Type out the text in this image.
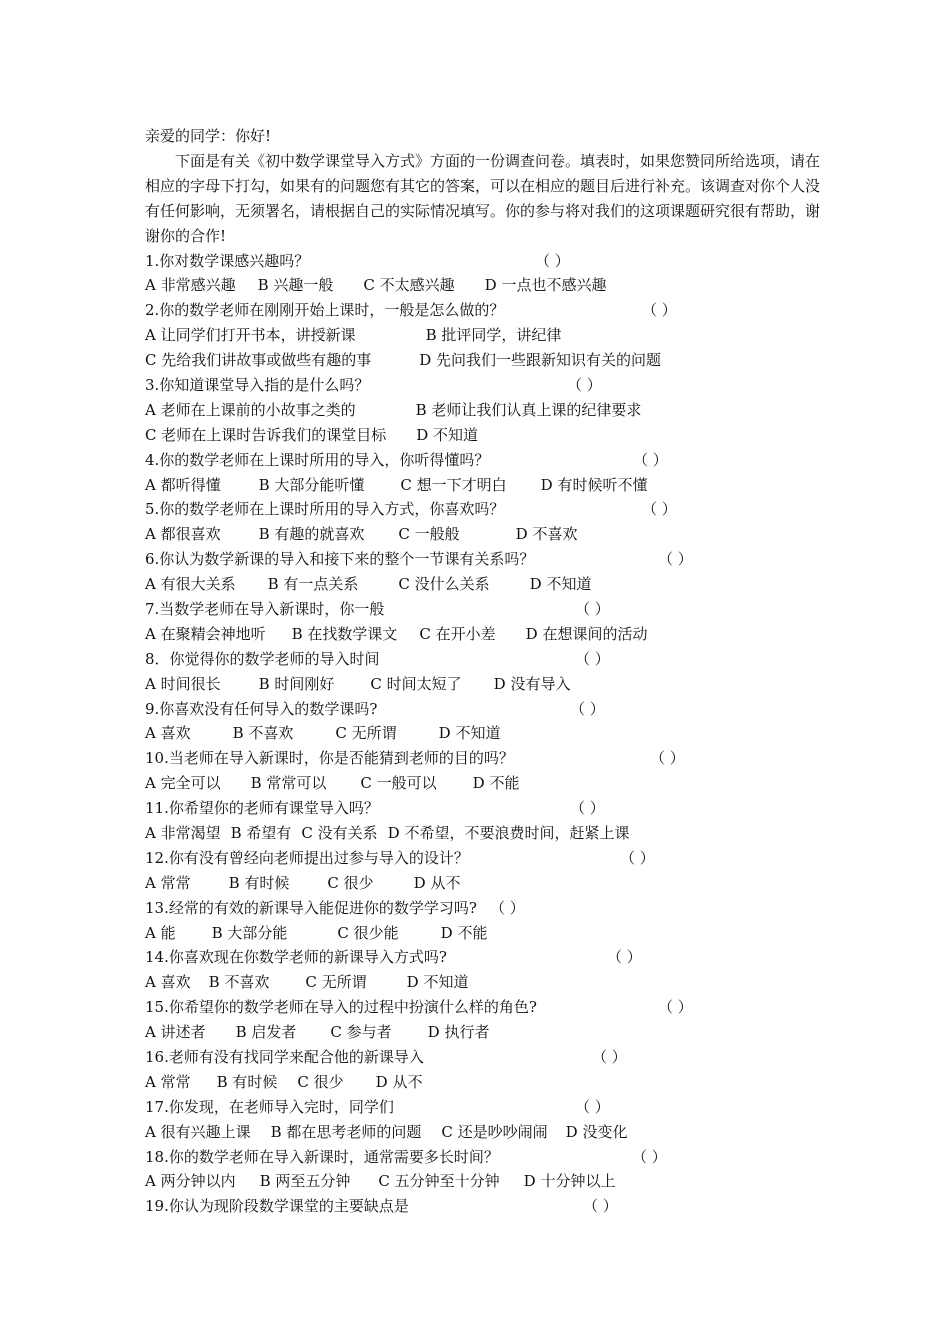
亲爱的同学：你好!
下面是有关《初中数学课堂导入方式》方面的一份调查问卷。填表时，如果您赞同所给选项，请在相应的字母下打勾，如果有的问题您有其它的答案，可以在相应的题目后进行补充。该调查对你个人没有任何影响，无须署名，请根据自己的实际情况填写。你的参与将对我们的这项课题研究很有帮助，谢谢你的合作!
1.你对数学课感兴趣吗？	（ ）
A 非常感兴趣 B 兴趣一般 C 不太感兴趣 D 一点也不感兴趣
2.你的数学老师在刚刚开始上课时，一般是怎么做的？	（ ）
A 让同学们打开书本，讲授新课	B 批评同学，讲纪律
C 先给我们讲故事或做些有趣的事	D 先问我们一些跟新知识有关的问题
3.你知道课堂导入指的是什么吗？	（ ）
A 老师在上课前的小故事之类的	B 老师让我们认真上课的纪律要求
C 老师在上课时告诉我们的课堂目标 D 不知道
4.你的数学老师在上课时所用的导入，你听得懂吗？	（ ）
A 都听得懂	B 大部分能听懂 C 想一下才明白 D 有时候听不懂
5.你的数学老师在上课时所用的导入方式，你喜欢吗？	（ ）
A 都很喜欢	B 有趣的就喜欢 C 一般般	D 不喜欢
6.你认为数学新课的导入和接下来的整个一节课有关系吗？	（ ）
A 有很大关系 B 有一点关系	C 没什么关系	D 不知道
7.当数学老师在导入新课时，你一般	（ ）
A 在聚精会神地听 B 在找数学课文 C 在开小差 D 在想课间的活动
8．你觉得你的数学老师的导入时间	（ ）
A 时间很长	B 时间刚好 C 时间太短了 D 没有导入
9.你喜欢没有任何导入的数学课吗?	（ ）
A 喜欢	B 不喜欢	C 无所谓	D 不知道
10.当老师在导入新课时，你是否能猜到老师的目的吗？	（ ）
A 完全可以 B 常常可以 C 一般可以 D 不能
11.你希望你的老师有课堂导入吗？	（ ）
A 非常渴望 B 希望有 C 没有关系 D 不希望，不要浪费时间，赶紧上课
12.你有没有曾经向老师提出过参与导入的设计？	（ ）
A 常常	B 有时候	C 很少	D 从不
13.经常的有效的新课导入能促进你的数学学习吗? （ ）
A 能 B 大部分能	C 很少能	D 不能
14.你喜欢现在你数学老师的新课导入方式吗?	（ ）
A 喜欢 B 不喜欢 C 无所谓	D 不知道
15.你希望你的数学老师在导入的过程中扮演什么样的角色?	（ ）
A 讲述者 B 启发者 C 参与者 D 执行者
16.老师有没有找同学来配合他的新课导入	（ ）
A 常常 B 有时候 C 很少 D 从不
17.你发现，在老师导入完时，同学们	（ ）
A 很有兴趣上课 B 都在思考老师的问题 C 还是吵吵闹闹 D 没变化
18.你的数学老师在导入新课时，通常需要多长时间？	（ ）
A 两分钟以内 B 两至五分钟 C 五分钟至十分钟 D 十分钟以上
19.你认为现阶段数学课堂的主要缺点是	（ ）
